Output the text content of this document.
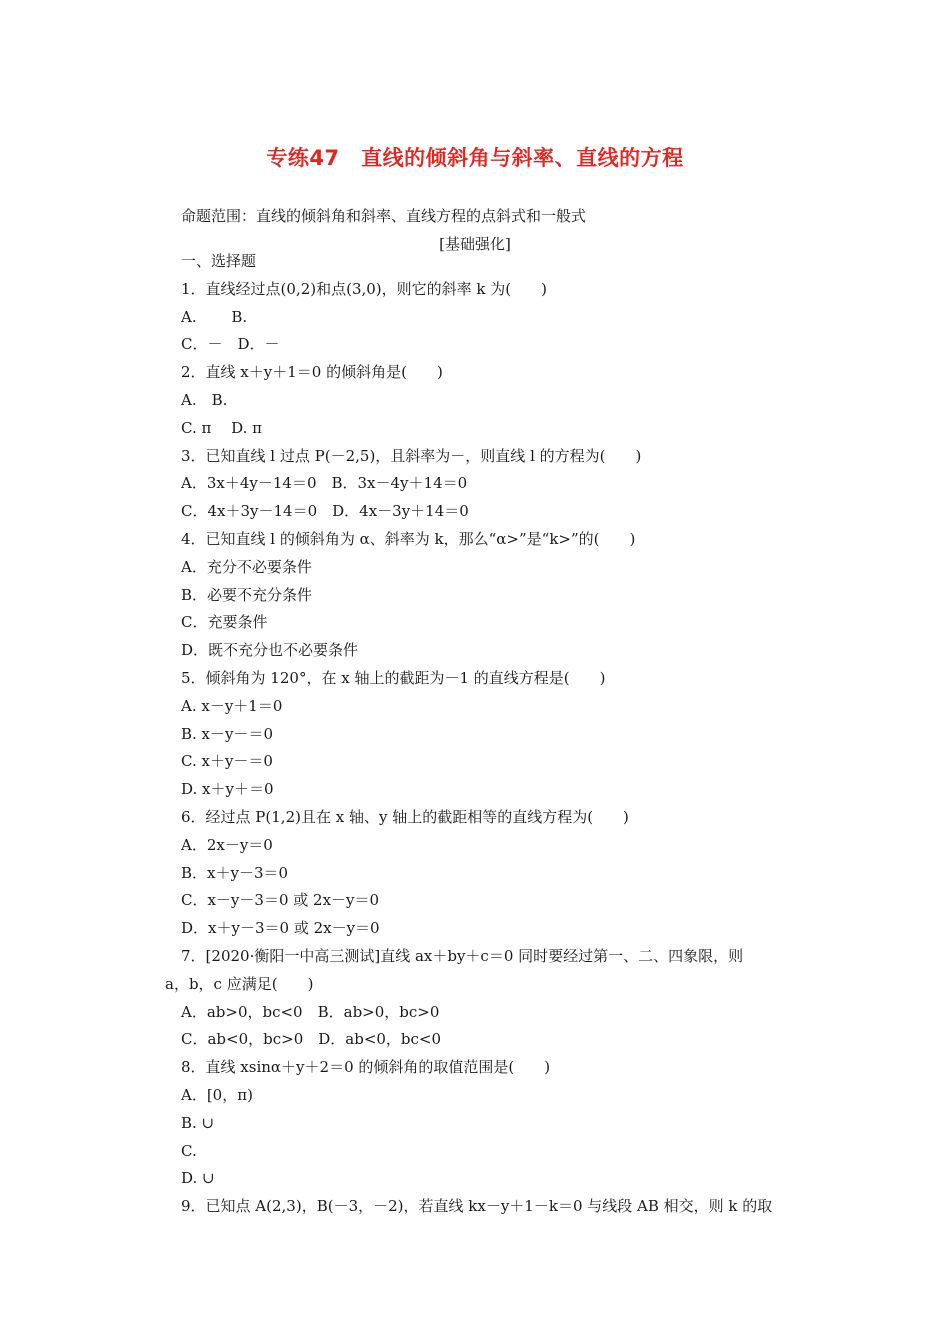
专练47　直线的倾斜角与斜率、直线的方程
命题范围：直线的倾斜角和斜率、直线方程的点斜式和一般式
[基础强化]
一、选择题
1．直线经过点(0,2)和点(3,0)，则它的斜率 k 为(　　)
A.　　 B.
C．－　D．－
2．直线 x＋y＋1＝0 的倾斜角是(　　)
A.　B.
C. π　 D. π
3．已知直线 l 过点 P(－2,5)，且斜率为－，则直线 l 的方程为(　　)
A．3x＋4y－14＝0　B．3x－4y＋14＝0
C．4x＋3y－14＝0　D．4x－3y＋14＝0
4．已知直线 l 的倾斜角为 α、斜率为 k，那么“α>”是“k>”的(　　)
A．充分不必要条件
B．必要不充分条件
C．充要条件
D．既不充分也不必要条件
5．倾斜角为 120°，在 x 轴上的截距为－1 的直线方程是(　　)
A. x－y＋1＝0
B. x－y－＝0
C. x＋y－＝0
D. x＋y＋＝0
6．经过点 P(1,2)且在 x 轴、y 轴上的截距相等的直线方程为(　　)
A．2x－y＝0
B．x＋y－3＝0
C．x－y－3＝0 或 2x－y＝0
D．x＋y－3＝0 或 2x－y＝0
7．[2020·衡阳一中高三测试]直线 ax＋by＋c＝0 同时要经过第一、二、四象限，则
a，b，c 应满足(　　)
A．ab>0，bc<0　B．ab>0，bc>0
C．ab<0，bc>0　D．ab<0，bc<0
8．直线 xsinα＋y＋2＝0 的倾斜角的取值范围是(　　)
A．[0，π)
B. ∪
C.
D. ∪
9．已知点 A(2,3)，B(－3，－2)，若直线 kx－y＋1－k＝0 与线段 AB 相交，则 k 的取
